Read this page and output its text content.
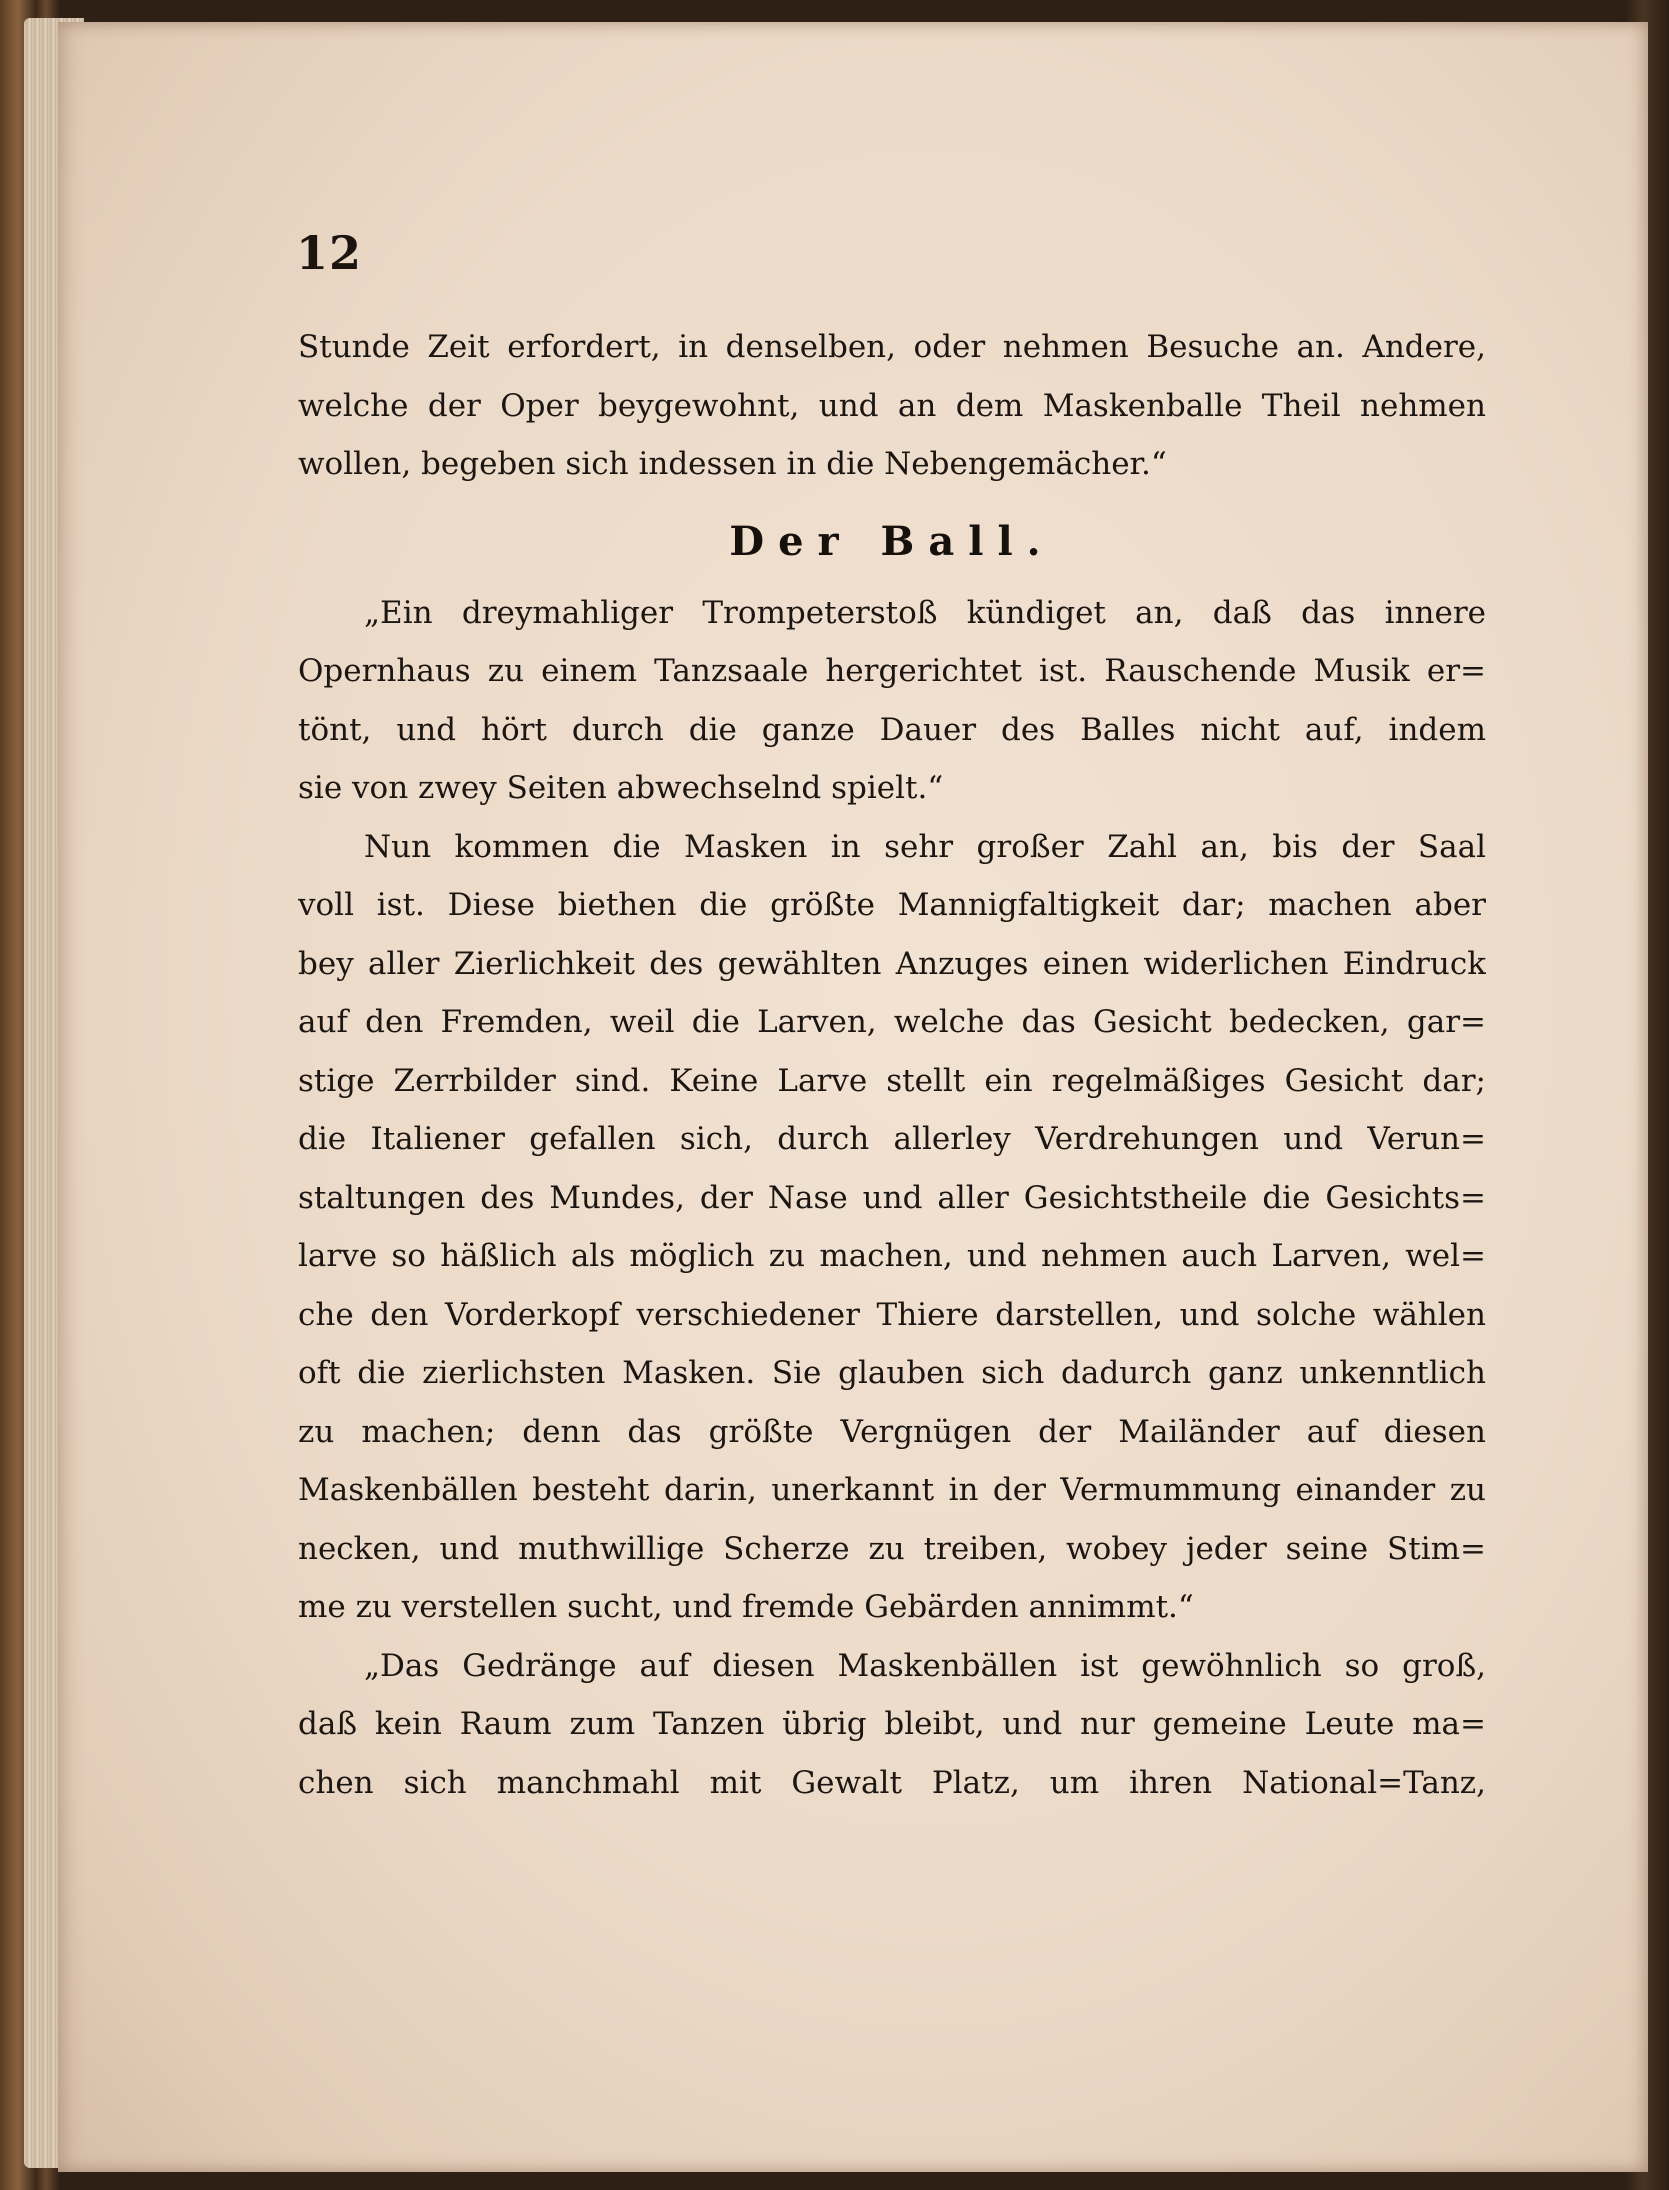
12
Stunde Zeit erfordert, in denselben, oder nehmen Besuche an. Andere,
welche der Oper beygewohnt, und an dem Maskenballe Theil nehmen
wollen, begeben sich indessen in die Nebengemächer.“
Der Ball.
„Ein dreymahliger Trompeterstoß kündiget an, daß das innere
Opernhaus zu einem Tanzsaale hergerichtet ist. Rauschende Musik er=
tönt, und hört durch die ganze Dauer des Balles nicht auf, indem
sie von zwey Seiten abwechselnd spielt.“
Nun kommen die Masken in sehr großer Zahl an, bis der Saal
voll ist. Diese biethen die größte Mannigfaltigkeit dar; machen aber
bey aller Zierlichkeit des gewählten Anzuges einen widerlichen Eindruck
auf den Fremden, weil die Larven, welche das Gesicht bedecken, gar=
stige Zerrbilder sind. Keine Larve stellt ein regelmäßiges Gesicht dar;
die Italiener gefallen sich, durch allerley Verdrehungen und Verun=
staltungen des Mundes, der Nase und aller Gesichtstheile die Gesichts=
larve so häßlich als möglich zu machen, und nehmen auch Larven, wel=
che den Vorderkopf verschiedener Thiere darstellen, und solche wählen
oft die zierlichsten Masken. Sie glauben sich dadurch ganz unkenntlich
zu machen; denn das größte Vergnügen der Mailänder auf diesen
Maskenbällen besteht darin, unerkannt in der Vermummung einander zu
necken, und muthwillige Scherze zu treiben, wobey jeder seine Stim=
me zu verstellen sucht, und fremde Gebärden annimmt.“
„Das Gedränge auf diesen Maskenbällen ist gewöhnlich so groß,
daß kein Raum zum Tanzen übrig bleibt, und nur gemeine Leute ma=
chen sich manchmahl mit Gewalt Platz, um ihren National=Tanz,
